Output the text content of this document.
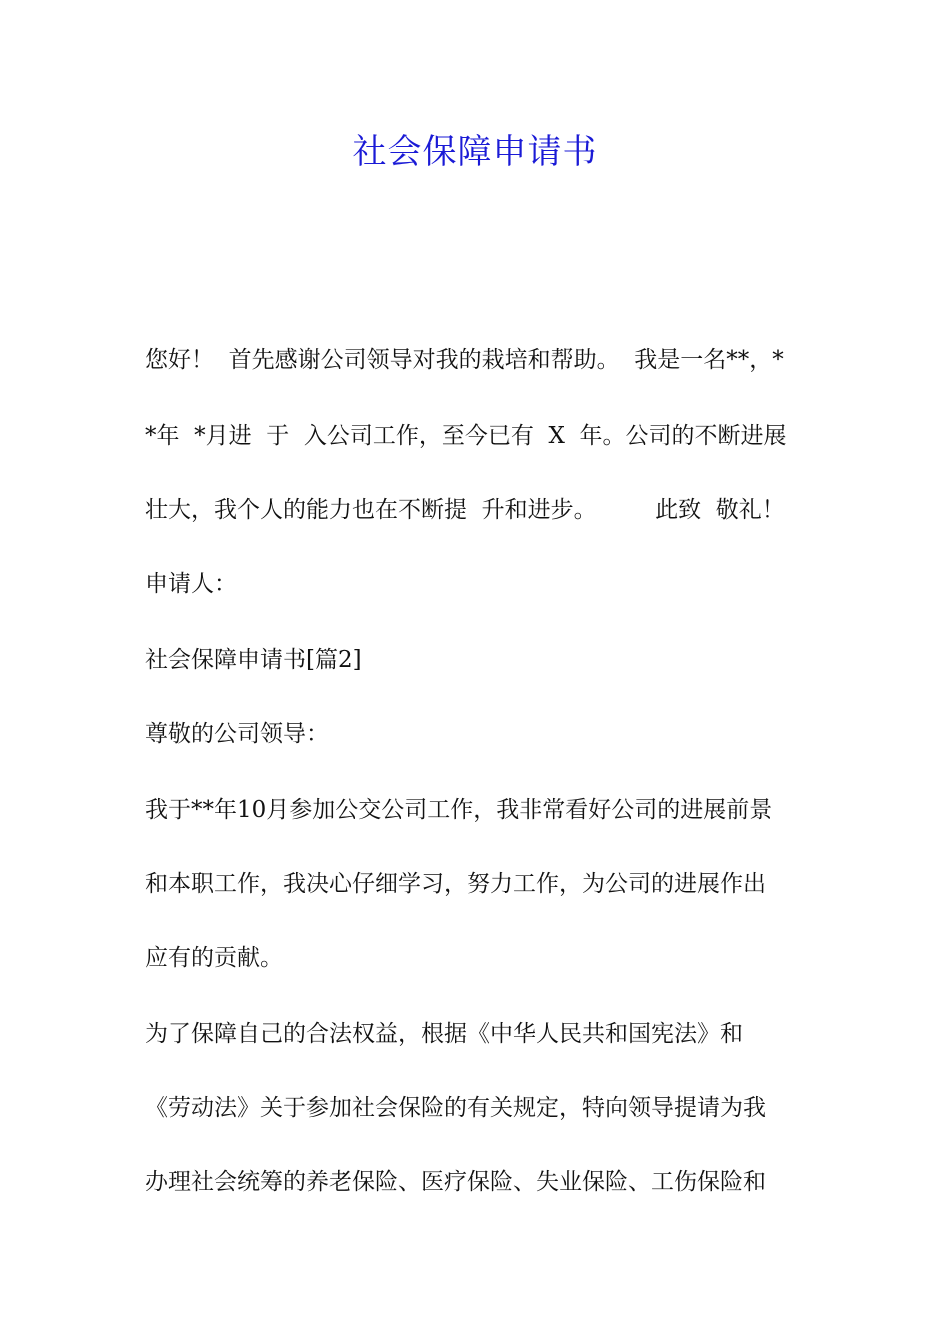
社会保障申请书

您好！  首先感谢公司领导对我的栽培和帮助。  我是一名**，*

*年  *月进  于  入公司工作，至今已有  X  年。公司的不断进展

壮大，我个人的能力也在不断提  升和进步。        此致  敬礼！

申请人：

社会保障申请书[篇2]

尊敬的公司领导：

我于**年10月参加公交公司工作，我非常看好公司的进展前景

和本职工作，我决心仔细学习，努力工作，为公司的进展作出

应有的贡献。

为了保障自己的合法权益，根据《中华人民共和国宪法》和

《劳动法》关于参加社会保险的有关规定，特向领导提请为我

办理社会统筹的养老保险、医疗保险、失业保险、工伤保险和
